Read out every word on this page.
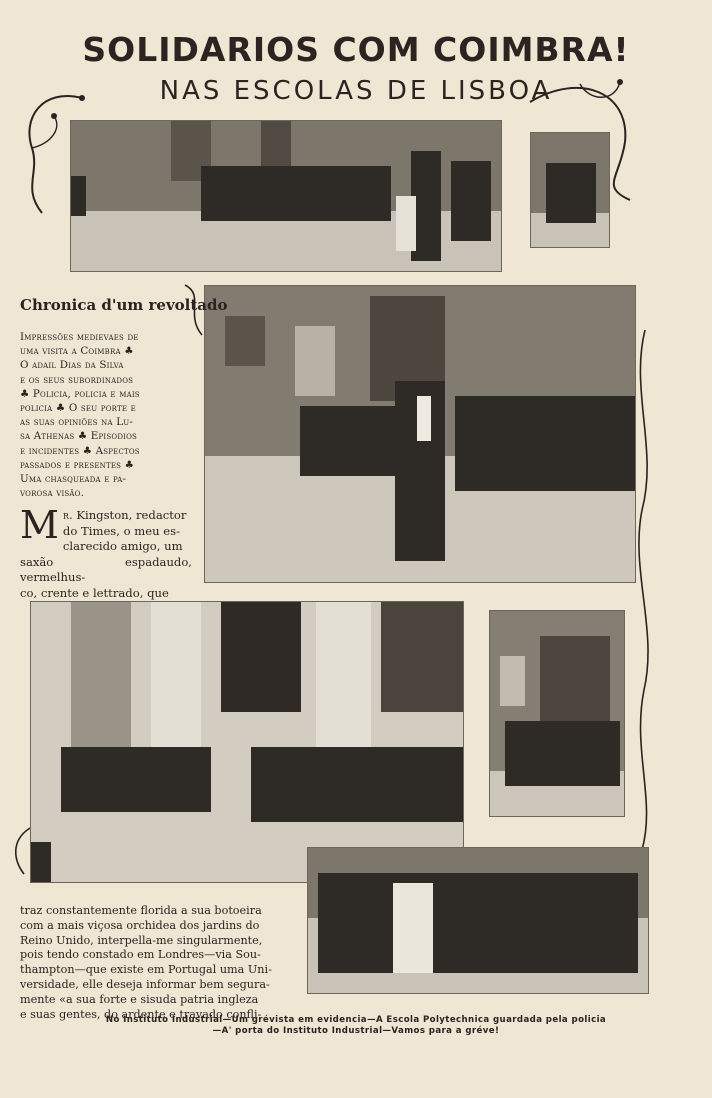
SOLIDARIOS COM COIMBRA!
NAS ESCOLAS DE LISBOA
Chronica d'um revoltado
Impressões medievaes de
uma visita a Coimbra ♣
O adail Dias da Silva
e os seus subordinados
♣ Policia, policia e mais
policia ♣ O seu porte e
as suas opiniões na Lu-
sa Athenas ♣ Episodios
e incidentes ♣ Aspectos
passados e presentes ♣
Uma chasqueada e pa-
vorosa visão.
M r. Kingston, redactor
do Times, o meu es-
clarecido amigo, um
saxão espadaudo, vermelhus-
co, crente e lettrado, que
traz constantemente florida a sua botoeira
com a mais viçosa orchidea dos jardins do
Reino Unido, interpella-me singularmente,
pois tendo constado em Londres—via Sou-
thampton—que existe em Portugal uma Uni-
versidade, elle deseja informar bem segura-
mente «a sua forte e sisuda patria ingleza
e suas gentes, do ardente e travado confli-
No Instituto Industrial—Um grévista em evidencia—A Escola Polytechnica guardada pela policia
—A' porta do Instituto Industrial—Vamos para a gréve!
